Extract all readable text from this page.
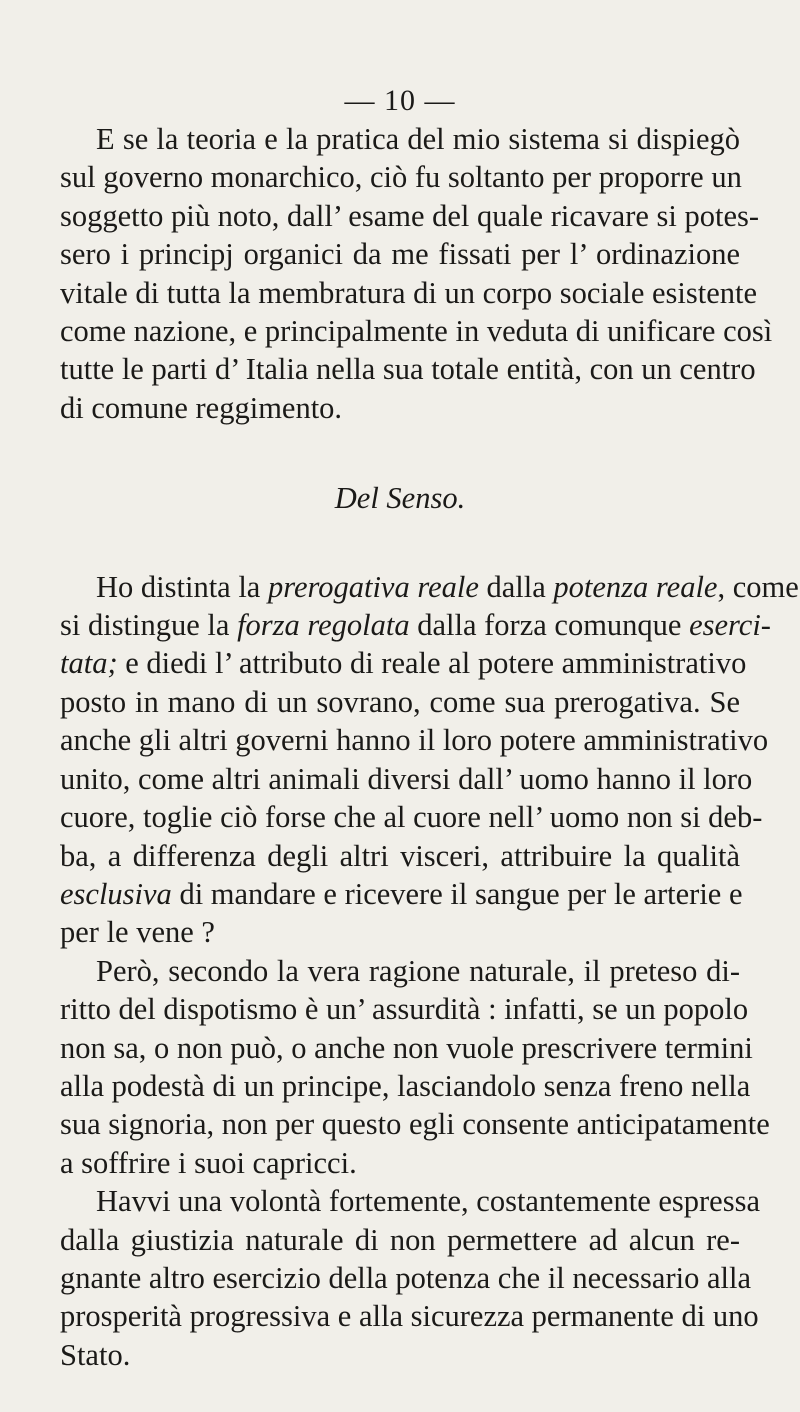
— 10 —
E se la teoria e la pratica del mio sistema si dispiegò
sul governo monarchico, ciò fu soltanto per proporre un
soggetto più noto, dall’ esame del quale ricavare si potes-
sero i principj organici da me fissati per l’ ordinazione
vitale di tutta la membratura di un corpo sociale esistente
come nazione, e principalmente in veduta di unificare così
tutte le parti d’ Italia nella sua totale entità, con un centro
di comune reggimento.
Del Senso.
Ho distinta la prerogativa reale dalla potenza reale, come
si distingue la forza regolata dalla forza comunque eserci-
tata; e diedi l’ attributo di reale al potere amministrativo
posto in mano di un sovrano, come sua prerogativa. Se
anche gli altri governi hanno il loro potere amministrativo
unito, come altri animali diversi dall’ uomo hanno il loro
cuore, toglie ciò forse che al cuore nell’ uomo non si deb-
ba, a differenza degli altri visceri, attribuire la qualità
esclusiva di mandare e ricevere il sangue per le arterie e
per le vene ?
Però, secondo la vera ragione naturale, il preteso di-
ritto del dispotismo è un’ assurdità : infatti, se un popolo
non sa, o non può, o anche non vuole prescrivere termini
alla podestà di un principe, lasciandolo senza freno nella
sua signoria, non per questo egli consente anticipatamente
a soffrire i suoi capricci.
Havvi una volontà fortemente, costantemente espressa
dalla giustizia naturale di non permettere ad alcun re-
gnante altro esercizio della potenza che il necessario alla
prosperità progressiva e alla sicurezza permanente di uno
Stato.
